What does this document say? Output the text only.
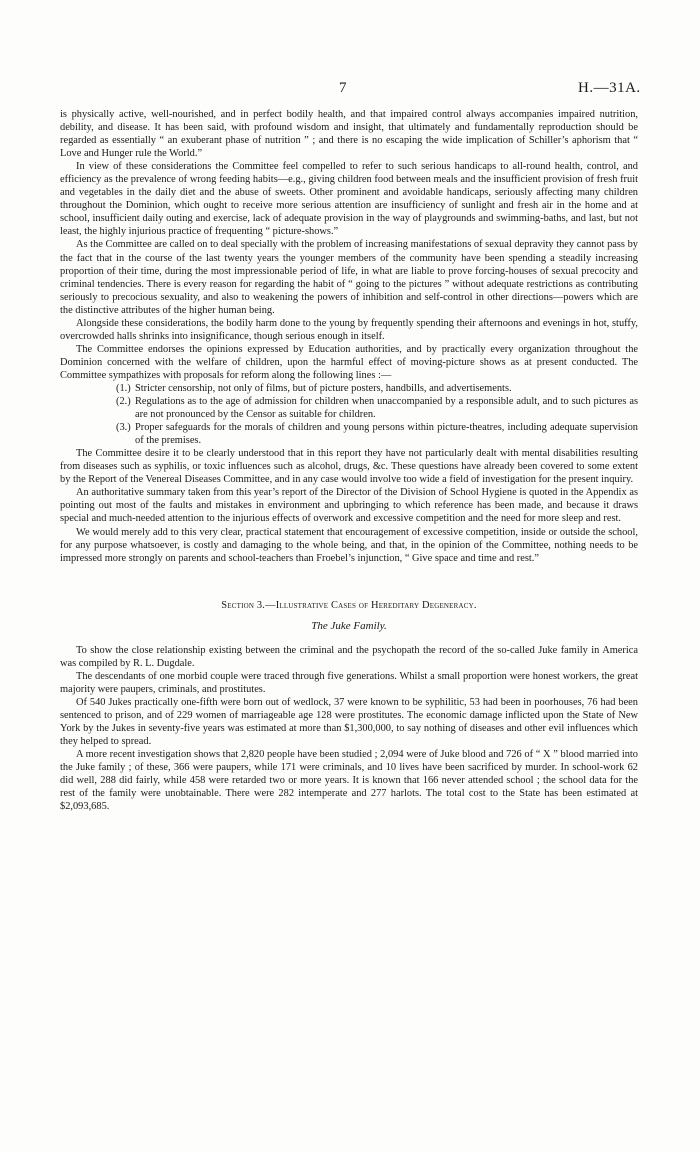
7	H.—31A.

is physically active, well-nourished, and in perfect bodily health, and that impaired control always accompanies impaired nutrition, debility, and disease. It has been said, with profound wisdom and insight, that ultimately and fundamentally reproduction should be regarded as essentially “ an exuberant phase of nutrition ” ; and there is no escaping the wide implication of Schiller’s aphorism that “ Love and Hunger rule the World.”

In view of these considerations the Committee feel compelled to refer to such serious handicaps to all-round health, control, and efficiency as the prevalence of wrong feeding habits—e.g., giving children food between meals and the insufficient provision of fresh fruit and vegetables in the daily diet and the abuse of sweets. Other prominent and avoidable handicaps, seriously affecting many children throughout the Dominion, which ought to receive more serious attention are insufficiency of sunlight and fresh air in the home and at school, insufficient daily outing and exercise, lack of adequate provision in the way of playgrounds and swimming-baths, and last, but not least, the highly injurious practice of frequenting “ picture-shows.”

As the Committee are called on to deal specially with the problem of increasing manifestations of sexual depravity they cannot pass by the fact that in the course of the last twenty years the younger members of the community have been spending a steadily increasing proportion of their time, during the most impressionable period of life, in what are liable to prove forcing-houses of sexual precocity and criminal tendencies. There is every reason for regarding the habit of “ going to the pictures ” without adequate restrictions as contributing seriously to precocious sexuality, and also to weakening the powers of inhibition and self-control in other directions—powers which are the distinctive attributes of the higher human being.

Alongside these considerations, the bodily harm done to the young by frequently spending their afternoons and evenings in hot, stuffy, overcrowded halls shrinks into insignificance, though serious enough in itself.

The Committee endorses the opinions expressed by Education authorities, and by practically every organization throughout the Dominion concerned with the welfare of children, upon the harmful effect of moving-picture shows as at present conducted. The Committee sympathizes with proposals for reform along the following lines :—

(1.) Stricter censorship, not only of films, but of picture posters, handbills, and advertisements.
(2.) Regulations as to the age of admission for children when unaccompanied by a responsible adult, and to such pictures as are not pronounced by the Censor as suitable for children.
(3.) Proper safeguards for the morals of children and young persons within picture-theatres, including adequate supervision of the premises.

The Committee desire it to be clearly understood that in this report they have not particularly dealt with mental disabilities resulting from diseases such as syphilis, or toxic influences such as alcohol, drugs, &c. These questions have already been covered to some extent by the Report of the Venereal Diseases Committee, and in any case would involve too wide a field of investigation for the present inquiry.

An authoritative summary taken from this year’s report of the Director of the Division of School Hygiene is quoted in the Appendix as pointing out most of the faults and mistakes in environment and upbringing to which reference has been made, and because it draws special and much-needed attention to the injurious effects of overwork and excessive competition and the need for more sleep and rest.

We would merely add to this very clear, practical statement that encouragement of excessive competition, inside or outside the school, for any purpose whatsoever, is costly and damaging to the whole being, and that, in the opinion of the Committee, nothing needs to be impressed more strongly on parents and school-teachers than Froebel’s injunction, “ Give space and time and rest.”

Section 3.—Illustrative Cases of Hereditary Degeneracy.

The Juke Family.

To show the close relationship existing between the criminal and the psychopath the record of the so-called Juke family in America was compiled by R. L. Dugdale.

The descendants of one morbid couple were traced through five generations. Whilst a small proportion were honest workers, the great majority were paupers, criminals, and prostitutes.

Of 540 Jukes practically one-fifth were born out of wedlock, 37 were known to be syphilitic, 53 had been in poorhouses, 76 had been sentenced to prison, and of 229 women of marriageable age 128 were prostitutes. The economic damage inflicted upon the State of New York by the Jukes in seventy-five years was estimated at more than $1,300,000, to say nothing of diseases and other evil influences which they helped to spread.

A more recent investigation shows that 2,820 people have been studied ; 2,094 were of Juke blood and 726 of “ X ” blood married into the Juke family ; of these, 366 were paupers, while 171 were criminals, and 10 lives have been sacrificed by murder. In school-work 62 did well, 288 did fairly, while 458 were retarded two or more years. It is known that 166 never attended school ; the school data for the rest of the family were unobtainable. There were 282 intemperate and 277 harlots. The total cost to the State has been estimated at $2,093,685.
